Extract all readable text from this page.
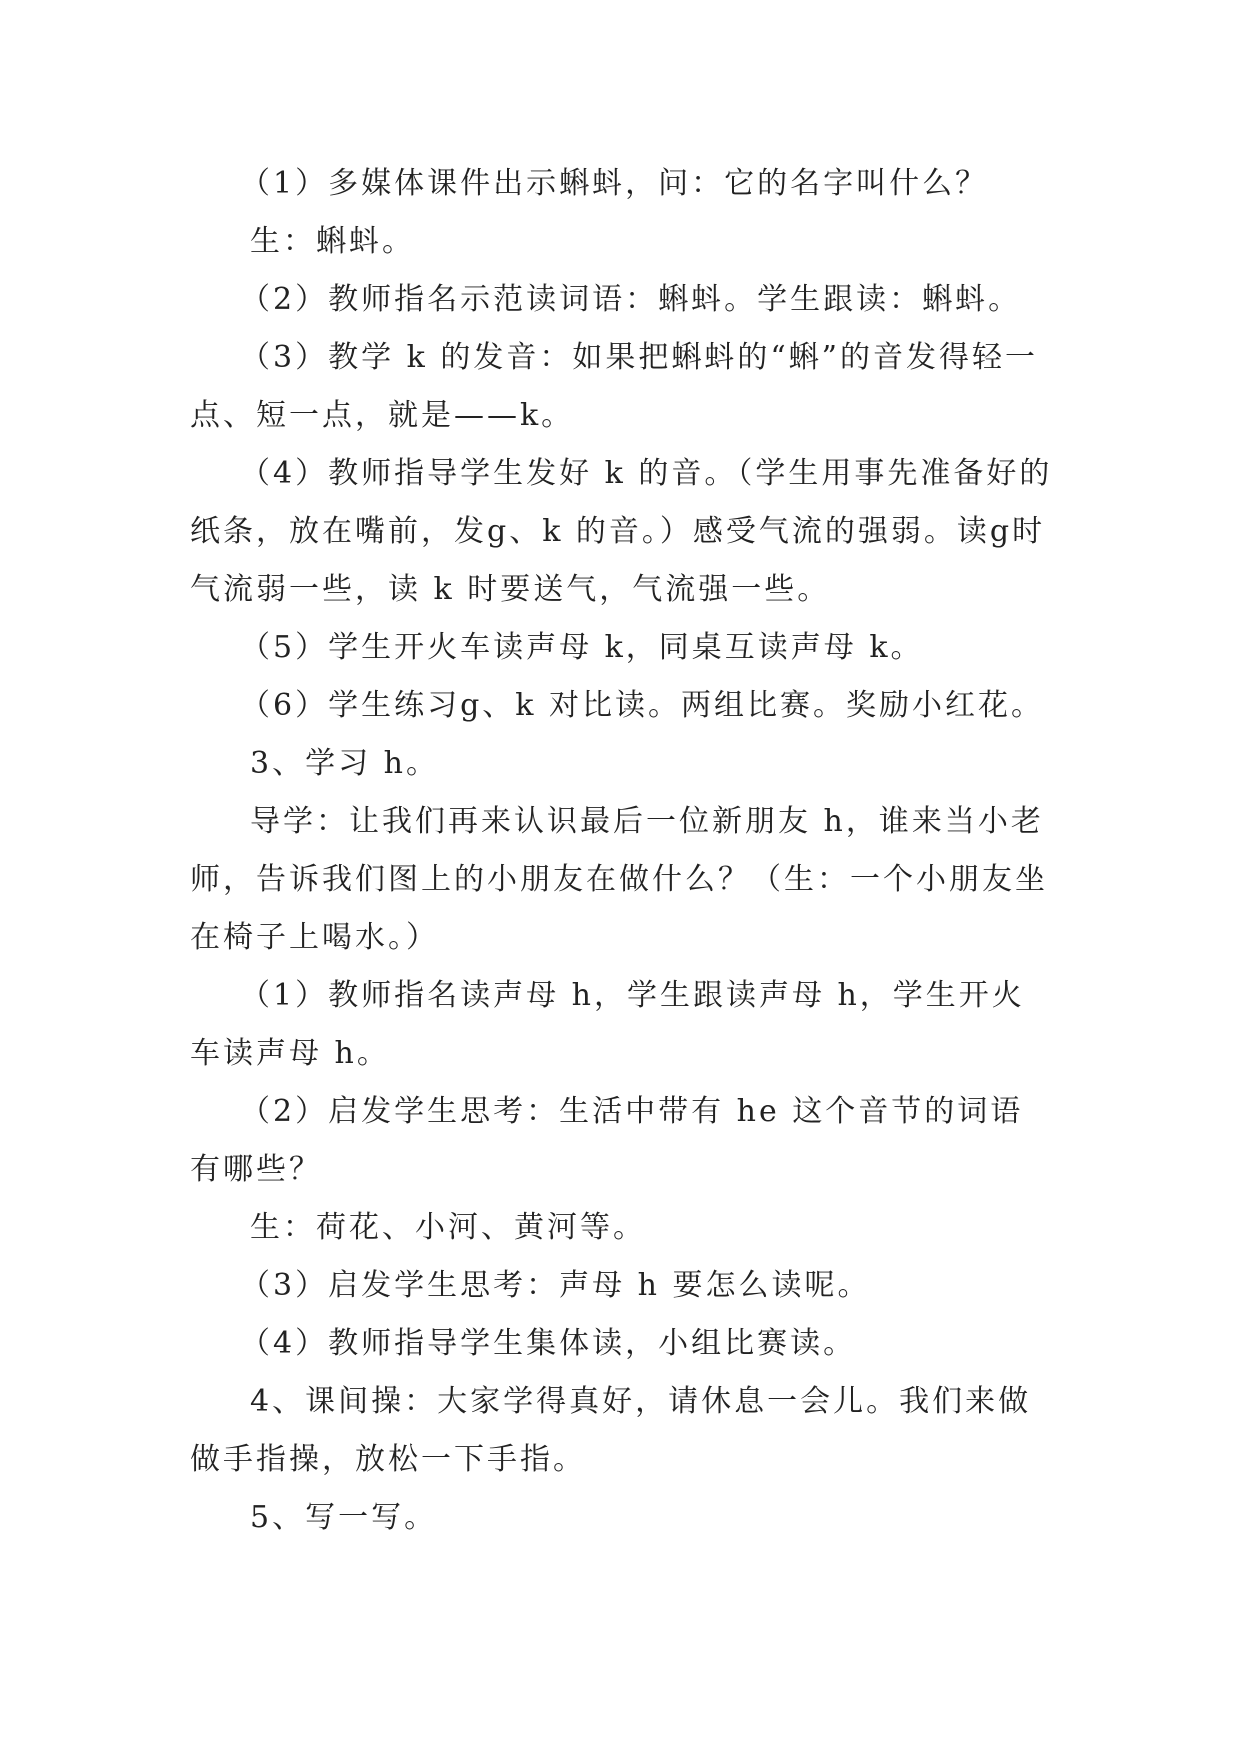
（1）多媒体课件出示蝌蚪，问：它的名字叫什么？

生：蝌蚪。

（2）教师指名示范读词语：蝌蚪。学生跟读：蝌蚪。

（3）教学 k 的发音：如果把蝌蚪的“蝌”的音发得轻一点、短一点，就是——k。

（4）教师指导学生发好 k 的音。（学生用事先准备好的纸条，放在嘴前，发g、k 的音。）感受气流的强弱。读g时气流弱一些，读 k 时要送气，气流强一些。

（5）学生开火车读声母 k，同桌互读声母 k。

（6）学生练习g、k 对比读。两组比赛。奖励小红花。

3、学习 h。

导学：让我们再来认识最后一位新朋友 h，谁来当小老师，告诉我们图上的小朋友在做什么？（生：一个小朋友坐在椅子上喝水。）

（1）教师指名读声母 h，学生跟读声母 h，学生开火车读声母 h。

（2）启发学生思考：生活中带有 he 这个音节的词语有哪些？

生：荷花、小河、黄河等。

（3）启发学生思考：声母 h 要怎么读呢。

（4）教师指导学生集体读，小组比赛读。

4、课间操：大家学得真好，请休息一会儿。我们来做做手指操，放松一下手指。

5、写一写。
